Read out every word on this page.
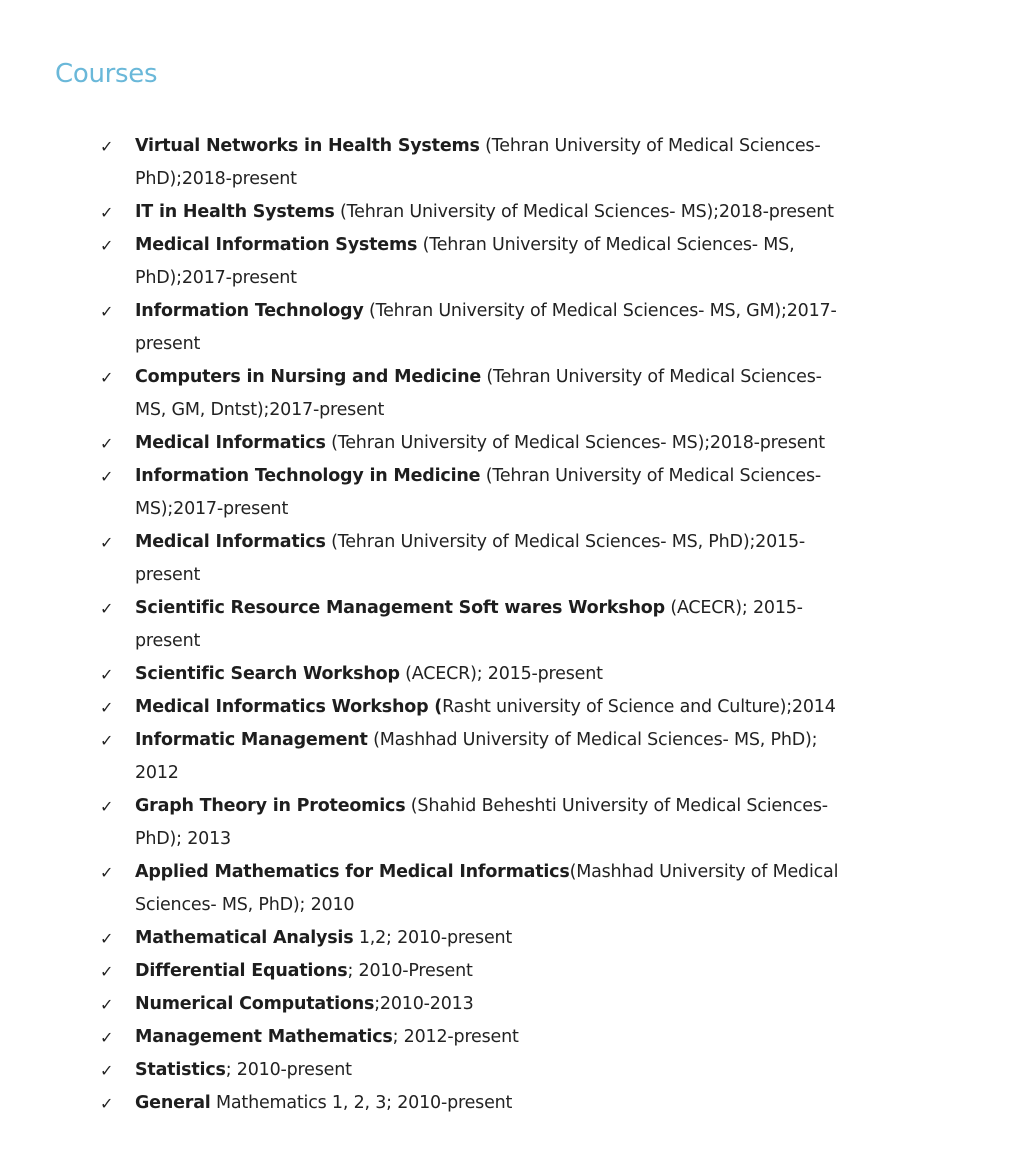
Courses
✓ Virtual Networks in Health Systems (Tehran University of Medical Sciences- PhD);2018-present
✓ IT in Health Systems (Tehran University of Medical Sciences- MS);2018-present
✓ Medical Information Systems (Tehran University of Medical Sciences- MS, PhD);2017-present
✓ Information Technology (Tehran University of Medical Sciences- MS, GM);2017-present
✓ Computers in Nursing and Medicine (Tehran University of Medical Sciences- MS, GM, Dntst);2017-present
✓ Medical Informatics (Tehran University of Medical Sciences- MS);2018-present
✓ Information Technology in Medicine (Tehran University of Medical Sciences- MS);2017-present
✓ Medical Informatics (Tehran University of Medical Sciences- MS, PhD);2015-present
✓ Scientific Resource Management Soft wares Workshop (ACECR); 2015-present
✓ Scientific Search Workshop (ACECR); 2015-present
✓ Medical Informatics Workshop (Rasht university of Science and Culture);2014
✓ Informatic Management (Mashhad University of Medical Sciences- MS, PhD); 2012
✓ Graph Theory in Proteomics (Shahid Beheshti University of Medical Sciences- PhD); 2013
✓ Applied Mathematics for Medical Informatics(Mashhad University of Medical Sciences- MS, PhD); 2010
✓ Mathematical Analysis 1,2; 2010-present
✓ Differential Equations; 2010-Present
✓ Numerical Computations;2010-2013
✓ Management Mathematics; 2012-present
✓ Statistics; 2010-present
✓ General Mathematics 1, 2, 3; 2010-present
